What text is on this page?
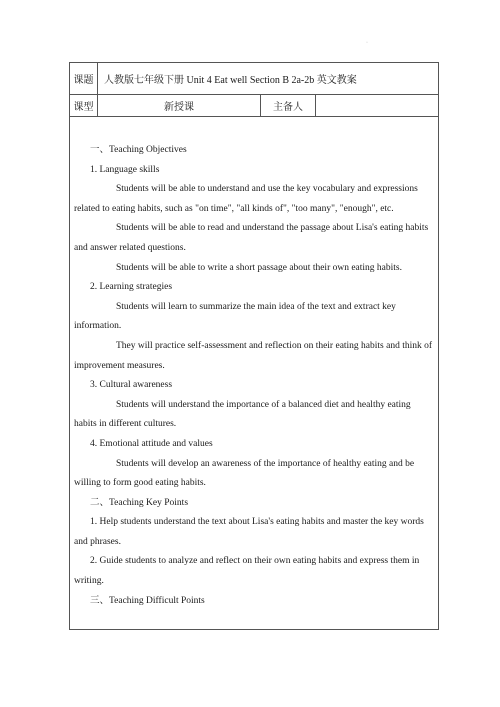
·
课题	人教版七年级下册 Unit 4 Eat well Section B 2a-2b 英文教案
课型	新授课	主备人

一、Teaching Objectives

1. Language skills

Students will be able to understand and use the key vocabulary and expressions related to eating habits, such as "on time", "all kinds of", "too many", "enough", etc.

Students will be able to read and understand the passage about Lisa's eating habits and answer related questions.

Students will be able to write a short passage about their own eating habits.

2. Learning strategies

Students will learn to summarize the main idea of the text and extract key information.

They will practice self-assessment and reflection on their eating habits and think of improvement measures.

3. Cultural awareness

Students will understand the importance of a balanced diet and healthy eating habits in different cultures.

4. Emotional attitude and values

Students will develop an awareness of the importance of healthy eating and be willing to form good eating habits.

二、Teaching Key Points

1. Help students understand the text about Lisa's eating habits and master the key words and phrases.

2. Guide students to analyze and reflect on their own eating habits and express them in writing.

三、Teaching Difficult Points
